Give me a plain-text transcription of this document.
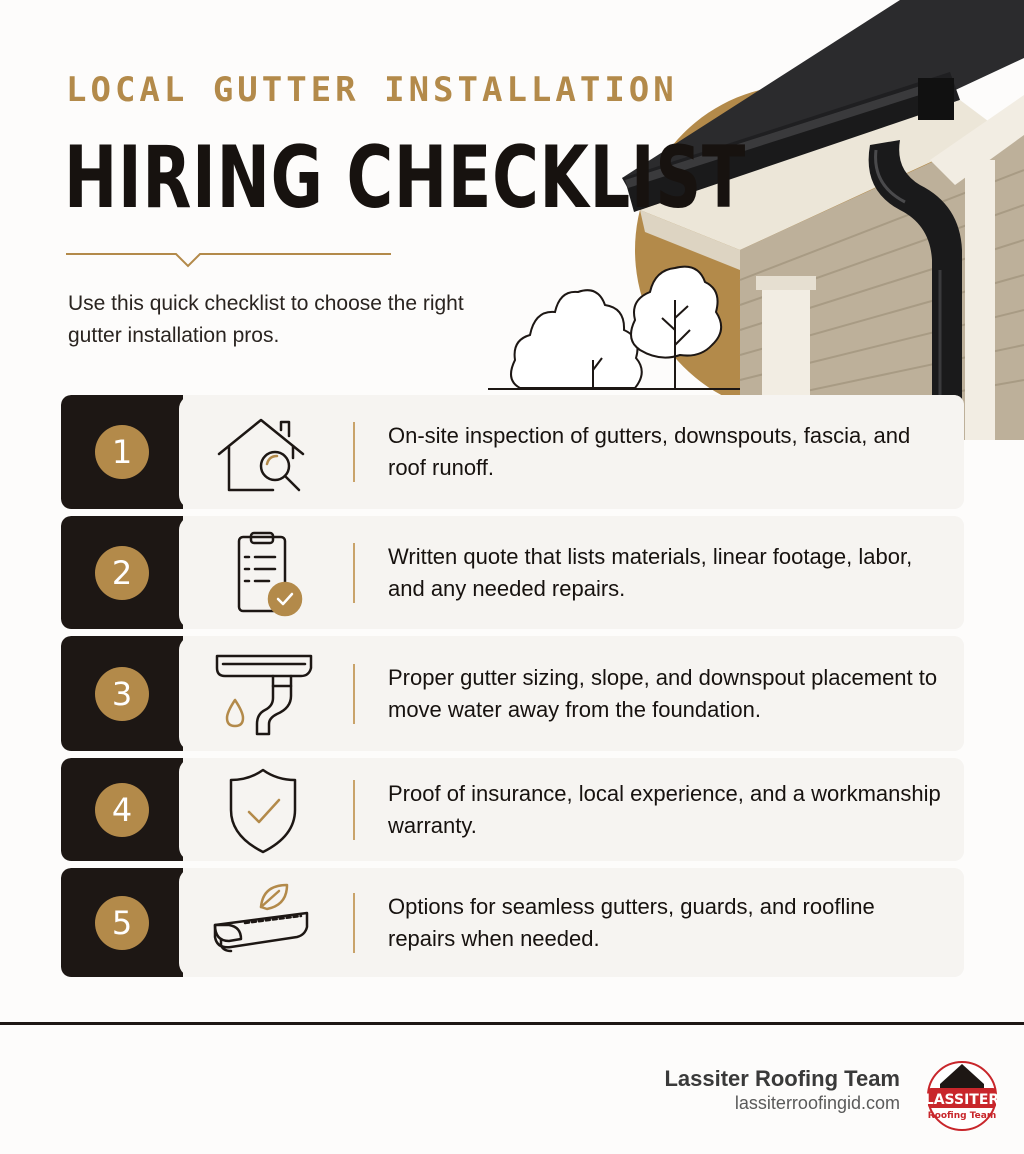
LOCAL GUTTER INSTALLATION
HIRING CHECKLIST
Use this quick checklist to choose the right gutter installation pros.
1	On-site inspection of gutters, downspouts, fascia, and roof runoff.
2	Written quote that lists materials, linear footage, labor, and any needed repairs.
3	Proper gutter sizing, slope, and downspout placement to move water away from the foundation.
4	Proof of insurance, local experience, and a workmanship warranty.
5	Options for seamless gutters, guards, and roofline repairs when needed.
Lassiter Roofing Team
lassiterroofingid.com LASSITER
Roofing Team
